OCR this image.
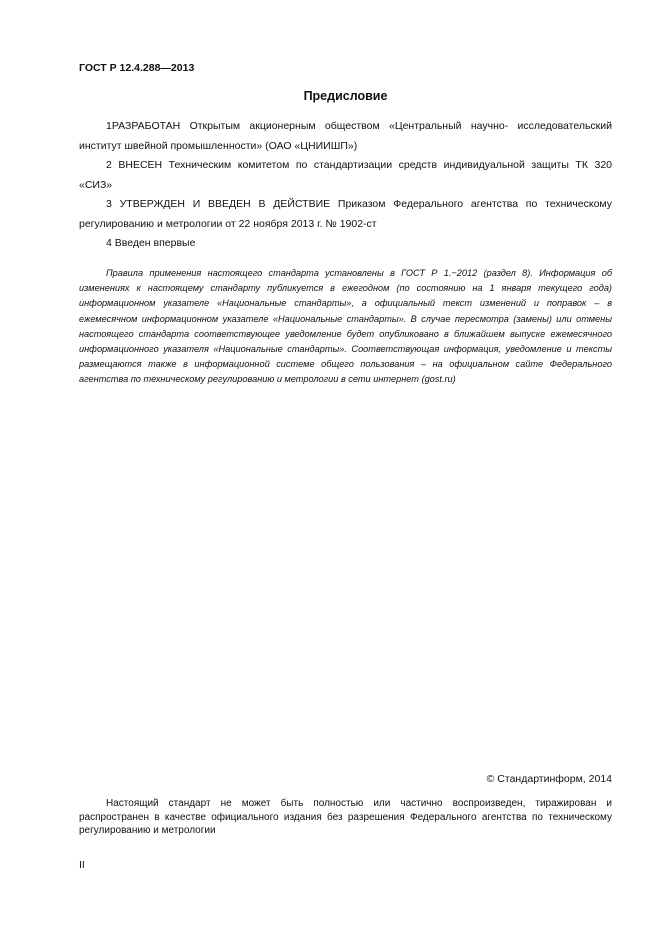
ГОСТ Р 12.4.288—2013
Предисловие
1РАЗРАБОТАН Открытым акционерным обществом «Центральный научно- исследовательский институт швейной промышленности» (ОАО «ЦНИИШП»)
2 ВНЕСЕН Техническим комитетом по стандартизации средств индивидуальной защиты ТК 320 «СИЗ»
3 УТВЕРЖДЕН И ВВЕДЕН В ДЕЙСТВИЕ Приказом Федерального агентства по техническому регулированию и метрологии от 22 ноября 2013 г. № 1902-ст
4 Введен впервые
Правила применения настоящего стандарта установлены в ГОСТ Р 1.−2012 (раздел 8). Информация об изменениях к настоящему стандарту публикуется в ежегодном (по состоянию на 1 января текущего года) информационном указателе «Национальные стандарты», а официальный текст изменений и поправок – в ежемесячном информационном указателе «Национальные стандарты». В случае пересмотра (замены) или отмены настоящего стандарта соответствующее уведомление будет опубликовано в ближайшем выпуске ежемесячного информационного указателя «Национальные стандарты». Соответствующая информация, уведомление и тексты размещаются также в информационной системе общего пользования – на официальном сайте Федерального агентства по техническому регулированию и метрологии в сети интернет (gost.ru)
© Стандартинформ, 2014
Настоящий стандарт не может быть полностью или частично воспроизведен, тиражирован и распространен в качестве официального издания без разрешения Федерального агентства по техническому регулированию и метрологии
II
